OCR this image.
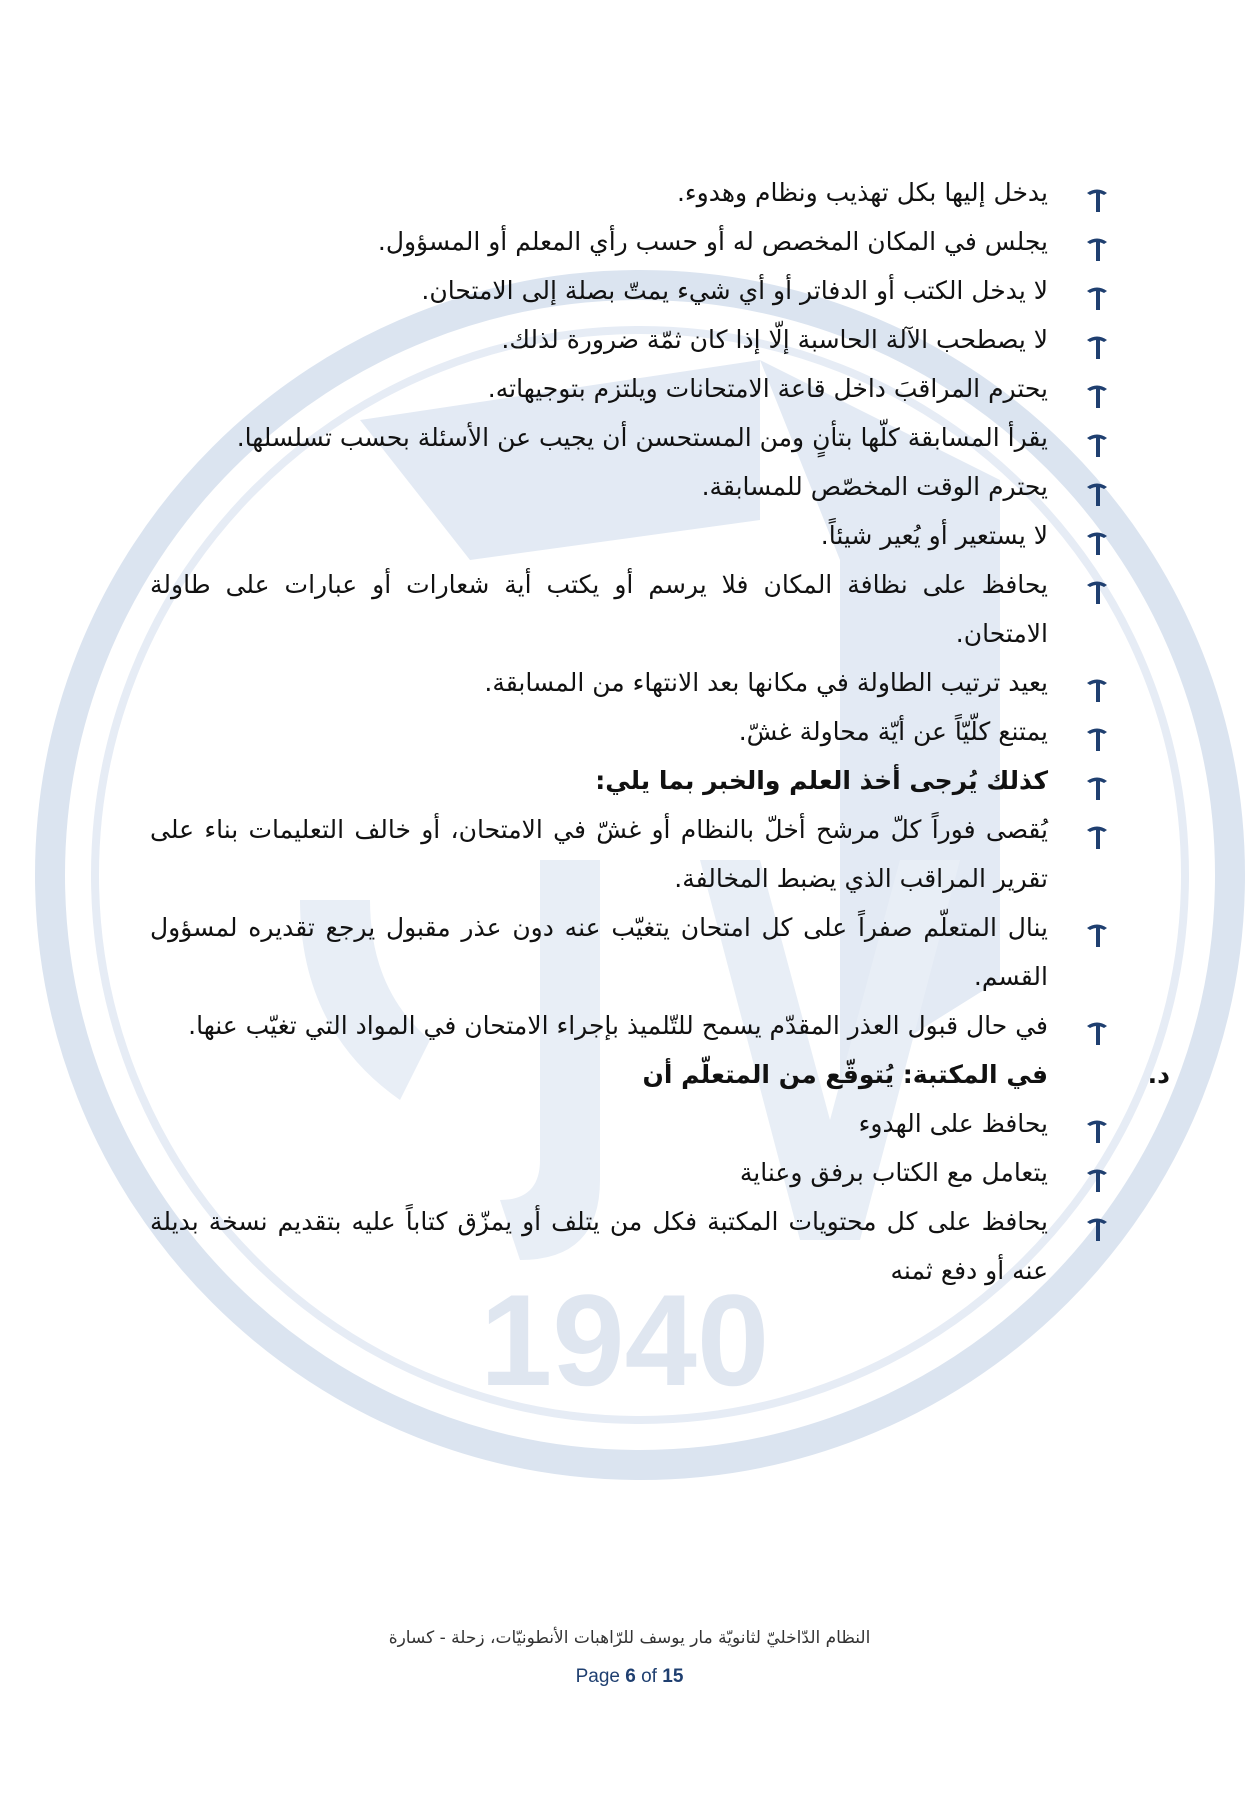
1940
يدخل إليها بكل تهذيب ونظام وهدوء.
يجلس في المكان المخصص له أو حسب رأي المعلم أو المسؤول.
لا يدخل الكتب أو الدفاتر أو أي شيء يمتّ بصلة إلى الامتحان.
لا يصطحب الآلة الحاسبة إلّا إذا كان ثمّة ضرورة لذلك.
يحترم المراقبَ داخل قاعة الامتحانات ويلتزم بتوجيهاته.
يقرأ المسابقة كلّها بتأنٍ ومن المستحسن أن يجيب عن الأسئلة بحسب تسلسلها.
يحترم الوقت المخصّص للمسابقة.
لا يستعير أو يُعير شيئاً.
يحافظ على نظافة المكان فلا يرسم أو يكتب أية شعارات أو عبارات على طاولة الامتحان.
يعيد ترتيب الطاولة في مكانها بعد الانتهاء من المسابقة.
يمتنع كلّيّاً عن أيّة محاولة غشّ.
كذلك يُرجى أخذ العلم والخبر بما يلي:
يُقصى فوراً كلّ مرشح أخلّ بالنظام أو غشّ في الامتحان، أو خالف التعليمات بناء على تقرير المراقب الذي يضبط المخالفة.
ينال المتعلّم صفراً على كل امتحان يتغيّب عنه دون عذر مقبول يرجع تقديره لمسؤول القسم.
في حال قبول العذر المقدّم يسمح للتّلميذ بإجراء الامتحان في المواد التي تغيّب عنها.
د.
في المكتبة: يُتوقّع من المتعلّم أن
يحافظ على الهدوء
يتعامل مع الكتاب برفق وعناية
يحافظ على كل محتويات المكتبة فكل من يتلف أو يمزّق كتاباً عليه بتقديم نسخة بديلة عنه أو دفع ثمنه
النظام الدّاخليّ لثانويّة مار يوسف للرّاهبات الأنطونيّات، زحلة - كسارة
Page 6 of 15
